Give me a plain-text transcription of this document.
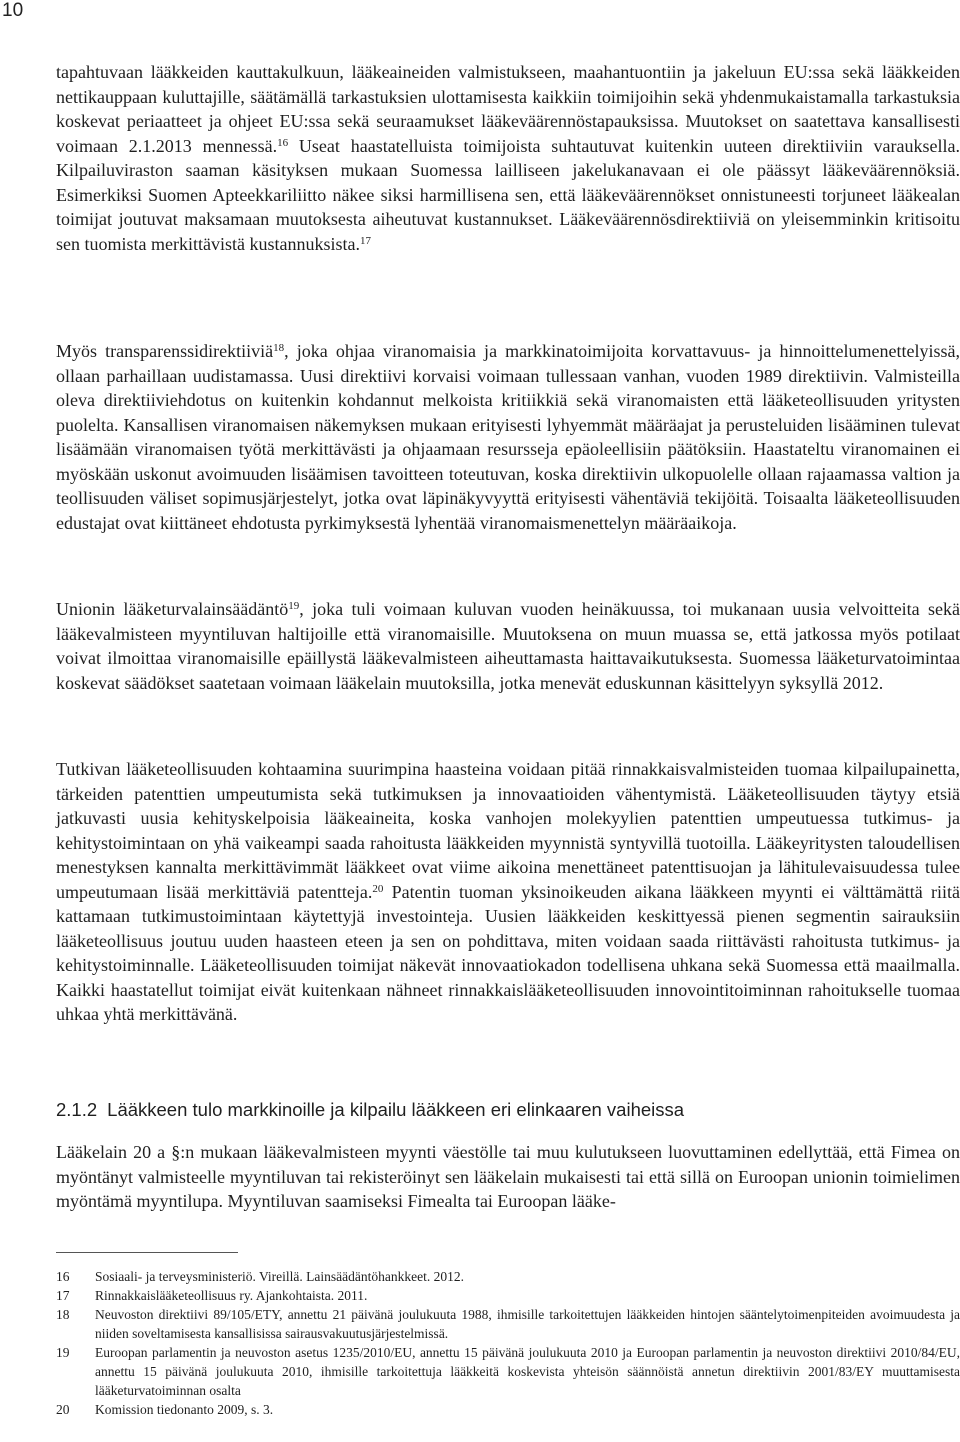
10

tapahtuvaan lääkkeiden kauttakulkuun, lääkeaineiden valmistukseen, maahantuontiin ja jakeluun EU:ssa sekä lääkkeiden nettikauppaan kuluttajille, säätämällä tarkastuksien ulottamisesta kaikkiin toimijoihin sekä yhdenmukaistamalla tarkastuksia koskevat periaatteet ja ohjeet EU:ssa sekä seuraamukset lääkeväärennöstapauksissa. Muutokset on saatettava kansallisesti voimaan 2.1.2013 mennessä.$^{16}$ Useat haastatelluista toimijoista suhtautuvat kuitenkin uuteen direktiiviin varauksella. Kilpailuviraston saaman käsityksen mukaan Suomessa lailliseen jakelukanavaan ei ole päässyt lääkeväärennöksiä. Esimerkiksi Suomen Apteekkariliitto näkee siksi harmillisena sen, että lääkeväärennökset onnistuneesti torjuneet lääkealan toimijat joutuvat maksamaan muutoksesta aiheutuvat kustannukset. Lääkeväärennösdirektiiviä on yleisemminkin kritisoitu sen tuomista merkittävistä kustannuksista.$^{17}$

Myös transparenssidirektiiviä$^{18}$, joka ohjaa viranomaisia ja markkinatoimijoita korvattavuus- ja hinnoittelumenettelyissä, ollaan parhaillaan uudistamassa. Uusi direktiivi korvaisi voimaan tullessaan vanhan, vuoden 1989 direktiivin. Valmisteilla oleva direktiiviehdotus on kuitenkin kohdannut melkoista kritiikkiä sekä viranomaisten että lääketeollisuuden yritysten puolelta. Kansallisen viranomaisen näkemyksen mukaan erityisesti lyhyemmät määräajat ja perusteluiden lisääminen tulevat lisäämään viranomaisen työtä merkittävästi ja ohjaamaan resursseja epäoleellisiin päätöksiin. Haastateltu viranomainen ei myöskään uskonut avoimuuden lisäämisen tavoitteen toteutuvan, koska direktiivin ulkopuolelle ollaan rajaamassa valtion ja teollisuuden väliset sopimusjärjestelyt, jotka ovat läpinäkyvyyttä erityisesti vähentäviä tekijöitä. Toisaalta lääketeollisuuden edustajat ovat kiittäneet ehdotusta pyrkimyksestä lyhentää viranomaismenettelyn määräaikoja.

Unionin lääketurvalainsäädäntö$^{19}$, joka tuli voimaan kuluvan vuoden heinäkuussa, toi mukanaan uusia velvoitteita sekä lääkevalmisteen myyntiluvan haltijoille että viranomaisille. Muutoksena on muun muassa se, että jatkossa myös potilaat voivat ilmoittaa viranomaisille epäillystä lääkevalmisteen aiheuttamasta haittavaikutuksesta. Suomessa lääketurvatoimintaa koskevat säädökset saatetaan voimaan lääkelain muutoksilla, jotka menevät eduskunnan käsittelyyn syksyllä 2012.

Tutkivan lääketeollisuuden kohtaamina suurimpina haasteina voidaan pitää rinnakkaisvalmisteiden tuomaa kilpailupainetta, tärkeiden patenttien umpeutumista sekä tutkimuksen ja innovaatioiden vähentymistä. Lääketeollisuuden täytyy etsiä jatkuvasti uusia kehityskelpoisia lääkeaineita, koska vanhojen molekyylien patenttien umpeutuessa tutkimus- ja kehitystoimintaan on yhä vaikeampi saada rahoitusta lääkkeiden myynnistä syntyvillä tuotoilla. Lääkeyritysten taloudellisen menestyksen kannalta merkittävimmät lääkkeet ovat viime aikoina menettäneet patenttisuojan ja lähitulevaisuudessa tulee umpeutumaan lisää merkittäviä patentteja.$^{20}$ Patentin tuoman yksinoikeuden aikana lääkkeen myynti ei välttämättä riitä kattamaan tutkimustoimintaan käytettyjä investointeja. Uusien lääkkeiden keskittyessä pienen segmentin sairauksiin lääketeollisuus joutuu uuden haasteen eteen ja sen on pohdittava, miten voidaan saada riittävästi rahoitusta tutkimus- ja kehitystoiminnalle. Lääketeollisuuden toimijat näkevät innovaatiokadon todellisena uhkana sekä Suomessa että maailmalla. Kaikki haastatellut toimijat eivät kuitenkaan nähneet rinnakkaislääketeollisuuden innovointitoiminnan rahoitukselle tuomaa uhkaa yhtä merkittävänä.

2.1.2 Lääkkeen tulo markkinoille ja kilpailu lääkkeen eri elinkaaren vaiheissa

Lääkelain 20 a §:n mukaan lääkevalmisteen myynti väestölle tai muu kulutukseen luovuttaminen edellyttää, että Fimea on myöntänyt valmisteelle myyntiluvan tai rekisteröinyt sen lääkelain mukaisesti tai että sillä on Euroopan unionin toimielimen myöntämä myyntilupa. Myyntiluvan saamiseksi Fimealta tai Euroopan lääke-

16	Sosiaali- ja terveysministeriö. Vireillä. Lainsäädäntöhankkeet. 2012.
17	Rinnakkaislääketeollisuus ry. Ajankohtaista. 2011.
18	Neuvoston direktiivi 89/105/ETY, annettu 21 päivänä joulukuuta 1988, ihmisille tarkoitettujen lääkkeiden hintojen sääntelytoimenpiteiden avoimuudesta ja niiden soveltamisesta kansallisissa sairausvakuutusjärjestelmissä.
19	Euroopan parlamentin ja neuvoston asetus 1235/2010/EU, annettu 15 päivänä joulukuuta 2010 ja Euroopan parlamentin ja neuvoston direktiivi 2010/84/EU, annettu 15 päivänä joulukuuta 2010, ihmisille tarkoitettuja lääkkeitä koskevista yhteisön säännöistä annetun direktiivin 2001/83/EY muuttamisesta lääketurvatoiminnan osalta
20	Komission tiedonanto 2009, s. 3.
